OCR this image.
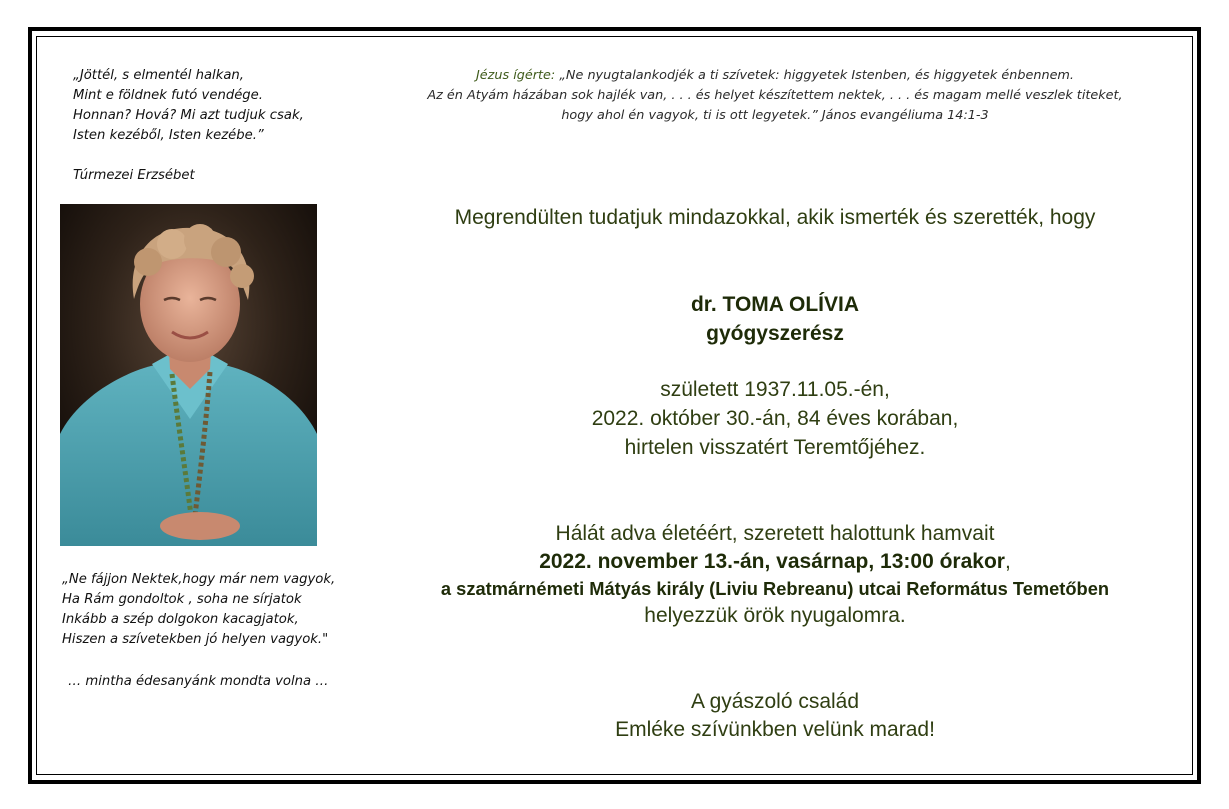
„Jöttél, s elmentél halkan,
Mint e földnek futó vendége.
Honnan? Hová? Mi azt tudjuk csak,
Isten kezéből, Isten kezébe.”
Túrmezei Erzsébet
„Ne fájjon Nektek,hogy már nem vagyok,
Ha Rám gondoltok , soha ne sírjatok
Inkább a szép dolgokon kacagjatok,
Hiszen a szívetekben jó helyen vagyok."
… mintha édesanyánk mondta volna …
Jézus ígérte: „Ne nyugtalankodjék a ti szívetek: higgyetek Istenben, és higgyetek énbennem.
Az én Atyám házában sok hajlék van, . . . és helyet készítettem nektek, . . . és magam mellé veszlek titeket,
hogy ahol én vagyok, ti is ott legyetek.” János evangéliuma 14:1-3
Megrendülten tudatjuk mindazokkal, akik ismerték és szerették, hogy
dr. TOMA OLÍVIA
gyógyszerész
született 1937.11.05.-én,
2022. október 30.-án, 84 éves korában,
hirtelen visszatért Teremtőjéhez.
Hálát adva életéért, szeretett halottunk hamvait
2022. november 13.-án, vasárnap, 13:00 órakor,
a szatmárnémeti Mátyás király (Liviu Rebreanu) utcai Református Temetőben
helyezzük örök nyugalomra.
A gyászoló család
Emléke szívünkben velünk marad!
